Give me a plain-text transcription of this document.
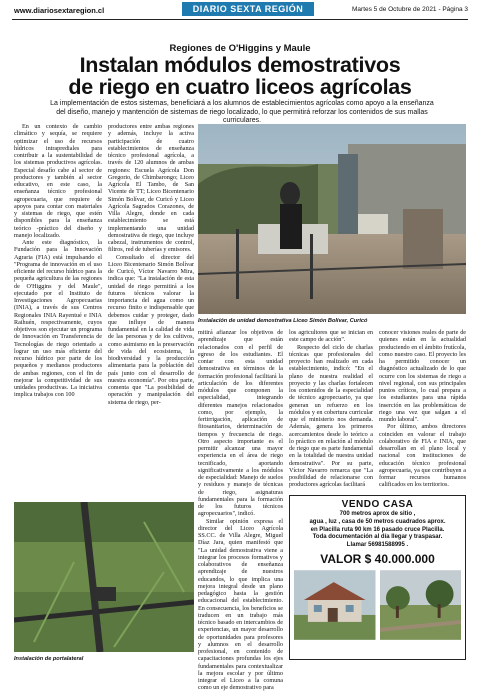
www.diariosextaregion.cl	DIARIO SEXTA REGIÓN	Martes 5 de Octubre de 2021 - Página 3
Regiones de O'Higgins y Maule
Instalan módulos demostrativos
de riego en cuatro liceos agrícolas
La implementación de estos sistemas, beneficiará a los alumnos de establecimientos agrícolas como apoyo a la enseñanza del diseño, manejo y mantención de sistemas de riego localizado, lo que permitirá reforzar los contenidos de sus mallas curriculares.

En un contexto de cambio climático y sequía, se requiere optimizar el uso de recursos hídricos intraprediales para contribuir a la sustentabilidad de los sistemas productivos agrícolas. Especial desafío cabe al sector de productores y también al sector educativo, en este caso, la enseñanza técnico profesional agropecuaria, que requiere de apoyos para contar con materiales y sistemas de riego, que estén disponibles para la enseñanza teórico -práctico del diseño y manejo localizado.

Ante este diagnóstico, la Fundación para la Innovación Agraria (FIA) está impulsando el "Programa de innovación en el uso eficiente del recurso hídrico para la pequeña agricultura de las regiones de O'Higgins y del Maule", ejecutado por el Instituto de Investigaciones Agropecuarias (INIA), a través de sus Centros Regionales INIA Rayentué e INIA Raihuén, respectivamente, cuyos objetivos son ejecutar un programa de Innovación en Transferencia de Tecnologías de riego orientado a lograr un uso más eficiente del recurso hídrico por parte de los pequeños y medianos productores de ambas regiones, con el fin de mejorar la competitividad de sus unidades productivas. La iniciativa implica trabajos con 100

productores entre ambas regiones y además, incluye la activa participación de cuatro establecimientos de enseñanza técnico profesional agrícola, a través de 120 alumnos de ambas regiones: Escuela Agrícola Don Gregorio, de Chimbarongo; Liceo Agrícola El Tambo, de San Vicente de TT; Liceo Bicentenario Simón Bolívar, de Curicó y Liceo Agrícola Sagrados Corazones, de Villa Alegre, donde en cada establecimiento se está implementando una unidad demostrativa de riego, que incluye cabezal, instrumentos de control, filtros, red de tuberías y emisores.

Consultado el director del Liceo Bicentenario Simón Bolívar de Curicó, Víctor Navarro Mira, indica que: "La instalación de esta unidad de riego permitirá a los futuros técnicos valorar la importancia del agua como un recurso finito e indispensable que debemos cuidar y proteger, dado que influye de manera fundamental en la calidad de vida de las personas y de los cultivos, como asimismo en la preservación de vida del ecosistema, la biodiversidad y la producción alimentaria para la población del país junto con el desarrollo de nuestra economía". Por otra parte, comenta que "La posibilidad de operación y manipulación del sistema de riego, per-

Instalación de unidad demostrativa Liceo Simón Bolívar, Curicó
Instalación de portalateral

mitirá afianzar los objetivos de aprendizaje que están relacionados con el perfil de egreso de los estudiantes. El contar con esta unidad demostrativa en términos de la formación profesional facilitará la articulación de los diferentes módulos que componen la especialidad, integrando diferentes manejos relacionados como, por ejemplo, la fertirrigación, aplicación de fitosanitarios, determinación de tiempos y frecuencia de riego. Otro aspecto importante es el permitir alcanzar una mayor experiencia en el área de riego tecnificado, aportando significativamente a los módulos de especialidad: Manejo de suelos y residuos y manejo de técnicas de riego, asignaturas fundamentales para la formación de los futuros técnicos agropecuarios", indicó.

Similar opinión expresa el director del Liceo Agrícola SS.CC. de Villa Alegre, Miguel Díaz Jara, quien manifestó que "La unidad demostrativa viene a integrar los procesos formativos y colaborativos de enseñanza aprendizaje de nuestros educandos, lo que implica una mejora integral desde un plano pedagógico hasta la gestión educacional del establecimiento. En consecuencia, los beneficios se traducen en un trabajo más técnico basado en intercambios de experiencias, un mayor desarrollo de oportunidades para profesores y alumnos en el desarrollo profesional, en contenido de capacitaciones profundas los ejes fundamentales para contextualizar la mejora escolar y por último integrar el Liceo a la comuna como un eje demostrativo para

los agricultores que se inician en este campo de acción".

Respecto del ciclo de charlas técnicas que profesionales del proyecto han realizado en cada establecimiento, indicó: "En el plano de nuestra realidad el proyecto y las charlas fortalecen los contenidos de la especialidad de técnico agropecuario, ya que generan un refuerzo en los módulos y en cobertura curricular que el ministerio nos demanda. Además, genera los primeros acercamientos desde lo teórico a lo práctico en relación al módulo de riego que es parte fundamental en la totalidad de nuestra unidad demostrativa". Por su parte, Víctor Navarro remarca que "La posibilidad de relacionarse con productores agrícolas facilitará

conocer visiones reales de parte de quienes están en la actualidad produciendo en el ámbito frutícola, como nuestro caso. El proyecto les ha permitido conocer un diagnóstico actualizado de lo que ocurre con los sistemas de riego a nivel regional, con sus principales puntos críticos, lo cual prepara a los estudiantes para una rápida inserción en las problemáticas de riego una vez que salgan a el mundo laboral".

Por último, ambos directores coinciden en valorar el trabajo colaborativo de FIA e INIA, que desarrollan en el plano local y nacional con instituciones de educación técnico profesional agropecuaria, ya que contribuyen a formar recursos humanos calificados en los territorios.

VENDO CASA
700 metros aprox de sitio ,
agua , luz , casa de 50 metros cuadrados aprox.
en Placilla ruta 90 km 16 pasado cruce Placilla.
Toda documentación al día llegar y traspasar.
Llamar 56981588995 .
VALOR $ 40.000.000
